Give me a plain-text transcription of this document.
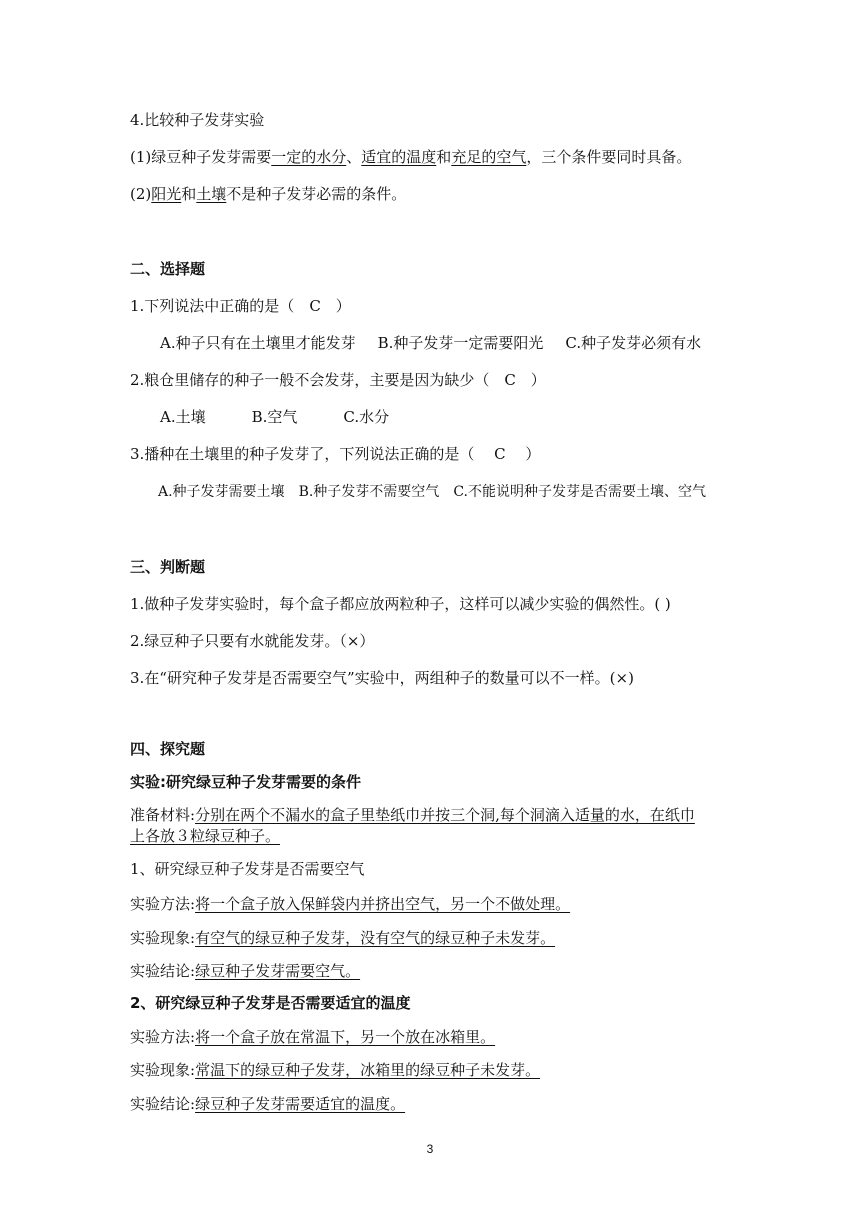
4.比较种子发芽实验
(1)绿豆种子发芽需要一定的水分、适宜的温度和充足的空气，三个条件要同时具备。
(2)阳光和土壤不是种子发芽必需的条件。
二、选择题
1.下列说法中正确的是（　C　）
A.种子只有在土壤里才能发芽 B.种子发芽一定需要阳光 C.种子发芽必须有水
2.粮仓里储存的种子一般不会发芽，主要是因为缺少（　C　）
A.土壤	B.空气	C.水分
3.播种在土壤里的种子发芽了，下列说法正确的是（　 C　 ）
A.种子发芽需要土壤 B.种子发芽不需要空气 C.不能说明种子发芽是否需要土壤、空气
三、判断题
1.做种子发芽实验时，每个盒子都应放两粒种子，这样可以减少实验的偶然性。( )
2.绿豆种子只要有水就能发芽。（×）
3.在“研究种子发芽是否需要空气”实验中，两组种子的数量可以不一样。(×)
四、探究题
实验:研究绿豆种子发芽需要的条件
准备材料:分别在两个不漏水的盒子里垫纸巾并按三个洞,每个洞滴入适量的水，在纸巾
上各放３粒绿豆种子。
1、研究绿豆种子发芽是否需要空气
实验方法:将一个盒子放入保鲜袋内并挤出空气，另一个不做处理。
实验现象:有空气的绿豆种子发芽，没有空气的绿豆种子未发芽。
实验结论:绿豆种子发芽需要空气。
2、研究绿豆种子发芽是否需要适宜的温度
实验方法:将一个盒子放在常温下，另一个放在冰箱里。
实验现象:常温下的绿豆种子发芽，冰箱里的绿豆种子未发芽。
实验结论:绿豆种子发芽需要适宜的温度。
3
